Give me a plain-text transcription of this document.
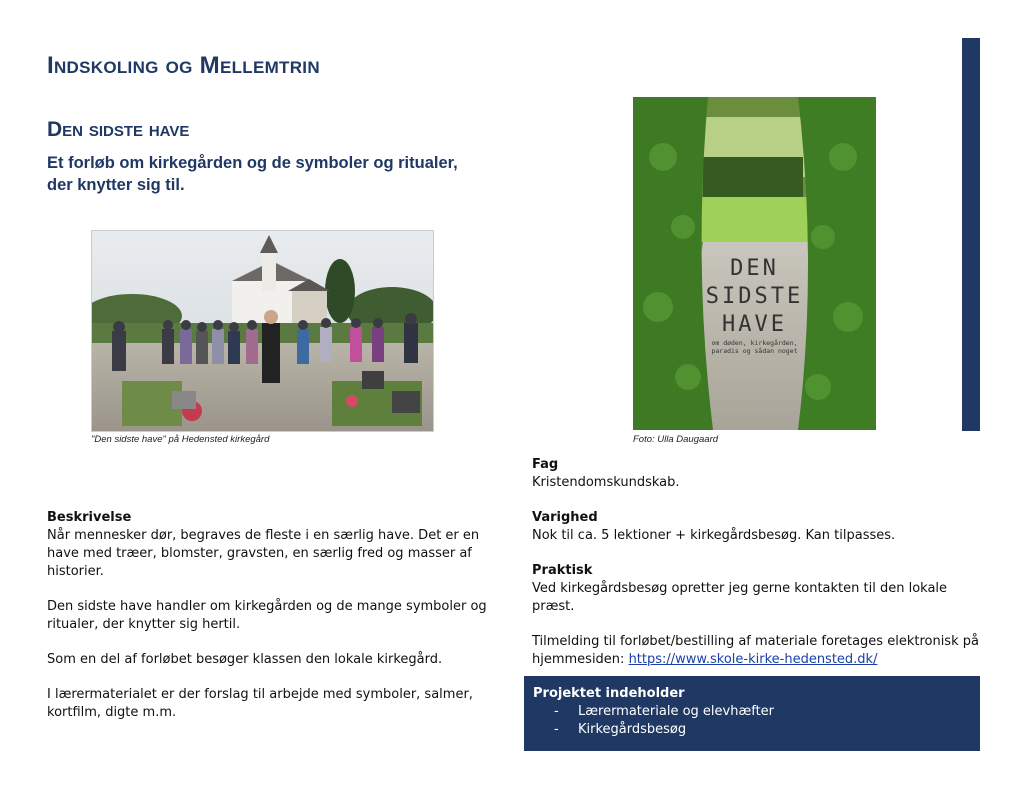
Indskoling og Mellemtrin
Den sidste have

Et forløb om kirkegården og de symboler og ritualer, der knytter sig til.

"Den sidste have" på Hedensted kirkegård
DEN
SIDSTE
HAVE
om døden, kirkegården,
paradis og sådan noget
Foto: Ulla Daugaard
Beskrivelse

Når mennesker dør, begraves de fleste i en særlig have. Det er en have med træer, blomster, gravsten, en særlig fred og masser af historier.

Den sidste have handler om kirkegården og de mange symboler og ritualer, der knytter sig hertil.

Som en del af forløbet besøger klassen den lokale kirkegård.

I lærermaterialet er der forslag til arbejde med symboler, salmer, kortfilm, digte m.m.

Fag
Kristendomskundskab.

Varighed
Nok til ca. 5 lektioner + kirkegårdsbesøg. Kan tilpasses.

Praktisk
Ved kirkegårdsbesøg opretter jeg gerne kontakten til den lokale præst.

Tilmelding til forløbet/bestilling af materiale foretages elektronisk på hjemmesiden: https://www.skole-kirke-hedensted.dk/

Projektet indeholder
- Lærermateriale og elevhæfter
- Kirkegårdsbesøg
